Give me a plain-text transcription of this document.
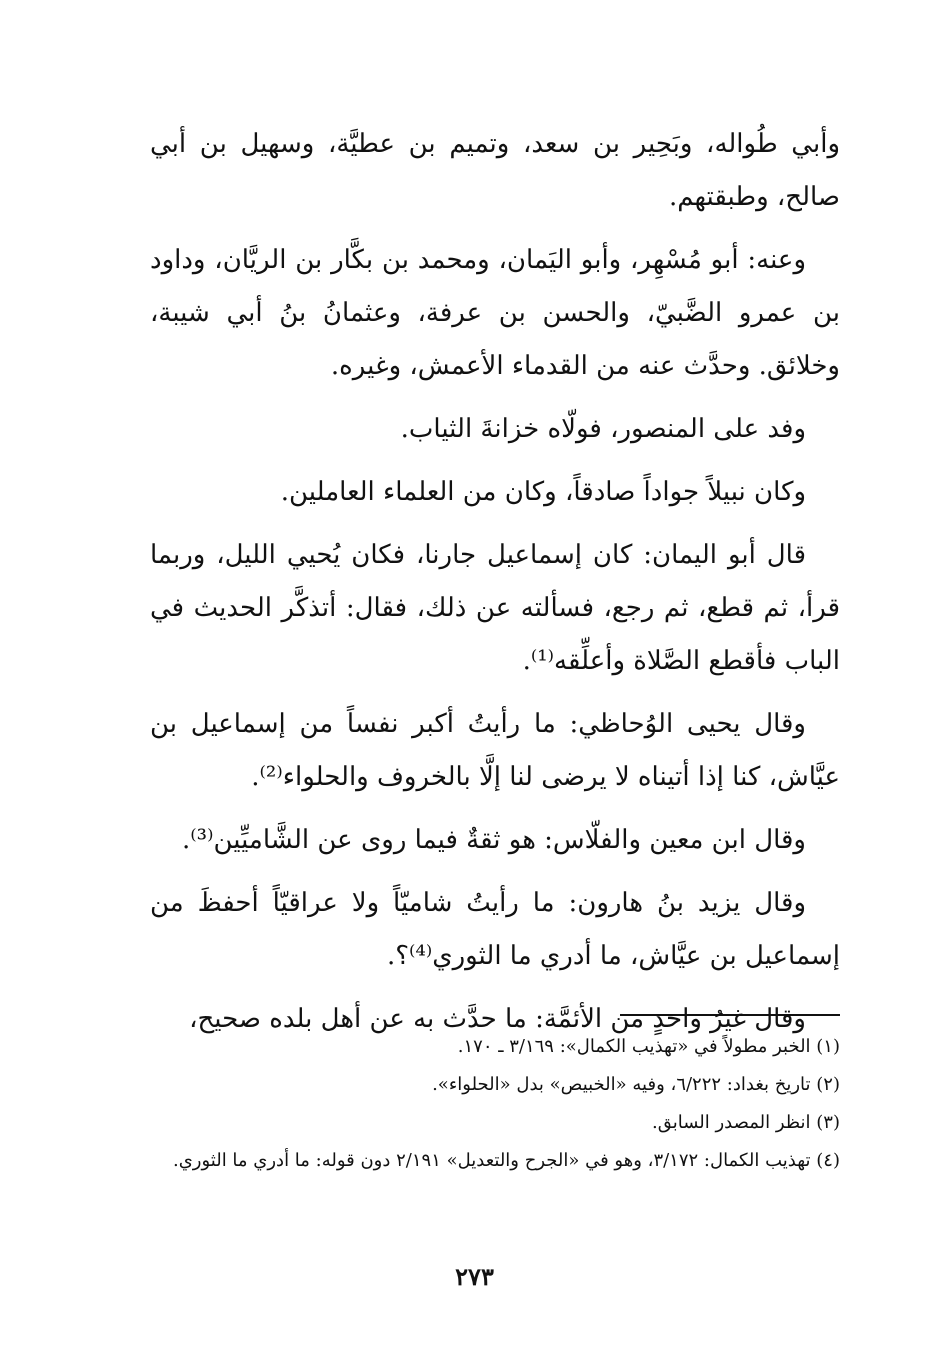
وأبي طُواله، وبَحِير بن سعد، وتميم بن عطيَّة، وسهيل بن أبي صالح، وطبقتهم.

وعنه: أبو مُسْهِر، وأبو اليَمان، ومحمد بن بكَّار بن الريَّان، وداود بن عمرو الضَّبيّ، والحسن بن عرفة، وعثمانُ بنُ أبي شيبة، وخلائق. وحدَّث عنه من القدماء الأعمش، وغيره.

وفد على المنصور، فولّاه خزانةَ الثياب.

وكان نبيلاً جواداً صادقاً، وكان من العلماء العاملين.

قال أبو اليمان: كان إسماعيل جارنا، فكان يُحيي الليل، وربما قرأ، ثم قطع، ثم رجع، فسألته عن ذلك، فقال: أتذكَّر الحديث في الباب فأقطع الصَّلاة وأعلِّقه⁽¹⁾.

وقال يحيى الوُحاظي: ما رأيتُ أكبر نفساً من إسماعيل بن عيَّاش، كنا إذا أتيناه لا يرضى لنا إلَّا بالخروف والحلواء⁽²⁾.

وقال ابن معين والفلّاس: هو ثقةٌ فيما روى عن الشَّاميِّين⁽³⁾.

وقال يزيد بنُ هارون: ما رأيتُ شاميّاً ولا عراقيّاً أحفظَ من إسماعيل بن عيَّاش، ما أدري ما الثوري⁽⁴⁾؟.

وقال غيرُ واحدٍ من الأئمَّة: ما حدَّث به عن أهل بلده صحيح،

(١) الخبر مطولاً في «تهذيب الكمال»: ٣/١٦٩ ـ ١٧٠.

(٢) تاريخ بغداد: ٦/٢٢٢، وفيه «الخبيص» بدل «الحلواء».

(٣) انظر المصدر السابق.

(٤) تهذيب الكمال: ٣/١٧٢، وهو في «الجرح والتعديل» ٢/١٩١ دون قوله: ما أدري ما الثوري.

٢٧٣
